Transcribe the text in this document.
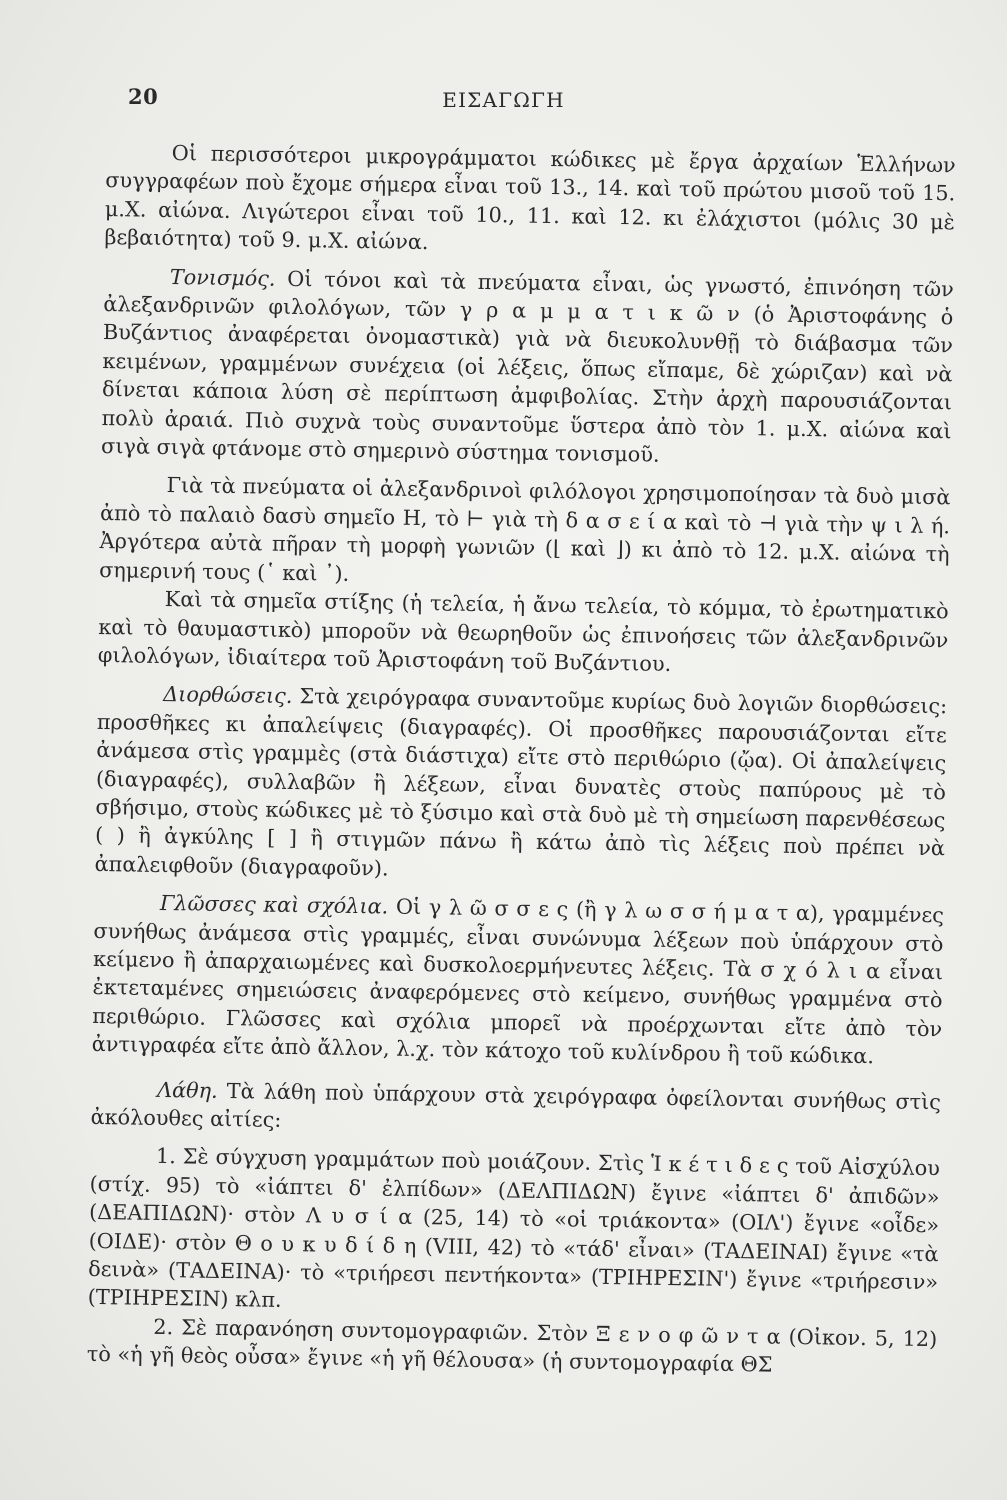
20	ΕΙΣΑΓΩΓΗ

Οἱ περισσότεροι μικρογράμματοι κώδικες μὲ ἔργα ἀρχαίων Ἑλλήνων συγγραφέων ποὺ ἔχομε σήμερα εἶναι τοῦ 13., 14. καὶ τοῦ πρώτου μισοῦ τοῦ 15. μ.Χ. αἰώνα. Λιγώτεροι εἶναι τοῦ 10., 11. καὶ 12. κι ἐλάχιστοι (μόλις 30 μὲ βεβαιότητα) τοῦ 9. μ.Χ. αἰώνα.

Τονισμός. Οἱ τόνοι καὶ τὰ πνεύματα εἶναι, ὡς γνωστό, ἐπινόηση τῶν ἀλεξανδρινῶν φιλολόγων, τῶν γ ρ α μ μ α τ ι κ ῶ ν (ὁ Ἀριστοφάνης ὁ Βυζάντιος ἀναφέρεται ὀνομαστικὰ) γιὰ νὰ διευκολυνθῇ τὸ διάβασμα τῶν κειμένων, γραμμένων συνέχεια (οἱ λέξεις, ὅπως εἴπαμε, δὲ χώριζαν) καὶ νὰ δίνεται κάποια λύση σὲ περίπτωση ἀμφιβολίας. Στὴν ἀρχὴ παρουσιάζονται πολὺ ἀραιά. Πιὸ συχνὰ τοὺς συναντοῦμε ὕστερα ἀπὸ τὸν 1. μ.Χ. αἰώνα καὶ σιγὰ σιγὰ φτάνομε στὸ σημερινὸ σύστημα τονισμοῦ.

Γιὰ τὰ πνεύματα οἱ ἀλεξανδρινοὶ φιλόλογοι χρησιμοποίησαν τὰ δυὸ μισὰ ἀπὸ τὸ παλαιὸ δασὺ σημεῖο Η, τὸ ⊢ γιὰ τὴ δ α σ ε ί α καὶ τὸ ⊣ γιὰ τὴν ψ ι λ ή. Ἀργότερα αὐτὰ πῆραν τὴ μορφὴ γωνιῶν (⌊ καὶ ⌋) κι ἀπὸ τὸ 12. μ.Χ. αἰώνα τὴ σημερινή τους (῾ καὶ ᾿).

Καὶ τὰ σημεῖα στίξης (ἡ τελεία, ἡ ἄνω τελεία, τὸ κόμμα, τὸ ἐρωτηματικὸ καὶ τὸ θαυμαστικὸ) μποροῦν νὰ θεωρηθοῦν ὡς ἐπινοήσεις τῶν ἀλεξανδρινῶν φιλολόγων, ἰδιαίτερα τοῦ Ἀριστοφάνη τοῦ Βυζάντιου.

Διορθώσεις. Στὰ χειρόγραφα συναντοῦμε κυρίως δυὸ λογιῶν διορθώσεις: προσθῆκες κι ἀπαλείψεις (διαγραφές). Οἱ προσθῆκες παρουσιάζονται εἴτε ἀνάμεσα στὶς γραμμὲς (στὰ διάστιχα) εἴτε στὸ περιθώριο (ᾤα). Οἱ ἀπαλείψεις (διαγραφές), συλλαβῶν ἢ λέξεων, εἶναι δυνατὲς στοὺς παπύρους μὲ τὸ σβήσιμο, στοὺς κώδικες μὲ τὸ ξύσιμο καὶ στὰ δυὸ μὲ τὴ σημείωση παρενθέσεως ( ) ἢ ἀγκύλης [ ] ἢ στιγμῶν πάνω ἢ κάτω ἀπὸ τὶς λέξεις ποὺ πρέπει νὰ ἀπαλειφθοῦν (διαγραφοῦν).

Γλῶσσες καὶ σχόλια. Οἱ γ λ ῶ σ σ ε ς (ἢ γ λ ω σ σ ή μ α τ α), γραμμένες συνήθως ἀνάμεσα στὶς γραμμές, εἶναι συνώνυμα λέξεων ποὺ ὑπάρχουν στὸ κείμενο ἢ ἀπαρχαιωμένες καὶ δυσκολοερμήνευτες λέξεις. Τὰ σ χ ό λ ι α εἶναι ἐκτεταμένες σημειώσεις ἀναφερόμενες στὸ κείμενο, συνήθως γραμμένα στὸ περιθώριο. Γλῶσσες καὶ σχόλια μπορεῖ νὰ προέρχωνται εἴτε ἀπὸ τὸν ἀντιγραφέα εἴτε ἀπὸ ἄλλον, λ.χ. τὸν κάτοχο τοῦ κυλίνδρου ἢ τοῦ κώδικα.

Λάθη. Τὰ λάθη ποὺ ὑπάρχουν στὰ χειρόγραφα ὀφείλονται συνήθως στὶς ἀκόλουθες αἰτίες:

1. Σὲ σύγχυση γραμμάτων ποὺ μοιάζουν. Στὶς Ἱ κ έ τ ι δ ε ς τοῦ Αἰσχύλου (στίχ. 95) τὸ «ἰάπτει δ' ἐλπίδων» (ΔΕΛΠΙΔΩΝ) ἔγινε «ἰάπτει δ' ἀπιδῶν» (ΔΕΑΠΙΔΩΝ)· στὸν Λ υ σ ί α (25, 14) τὸ «οἱ τριάκοντα» (ΟΙΛ') ἔγινε «οἶδε» (ΟΙΔΕ)· στὸν Θ ο υ κ υ δ ί δ η (VIII, 42) τὸ «τάδ' εἶναι» (ΤΑΔΕΙΝΑΙ) ἔγινε «τὰ δεινὰ» (ΤΑΔΕΙΝΑ)· τὸ «τριήρεσι πεντήκοντα» (ΤΡΙΗΡΕΣΙΝ') ἔγινε «τριήρεσιν» (ΤΡΙΗΡΕΣΙΝ) κλπ.

2. Σὲ παρανόηση συντομογραφιῶν. Στὸν Ξ ε ν ο φ ῶ ν τ α (Οἰκον. 5, 12) τὸ «ἡ γῆ θεὸς οὖσα» ἔγινε «ἡ γῆ θέλουσα» (ἡ συντομογραφία ΘΣ
